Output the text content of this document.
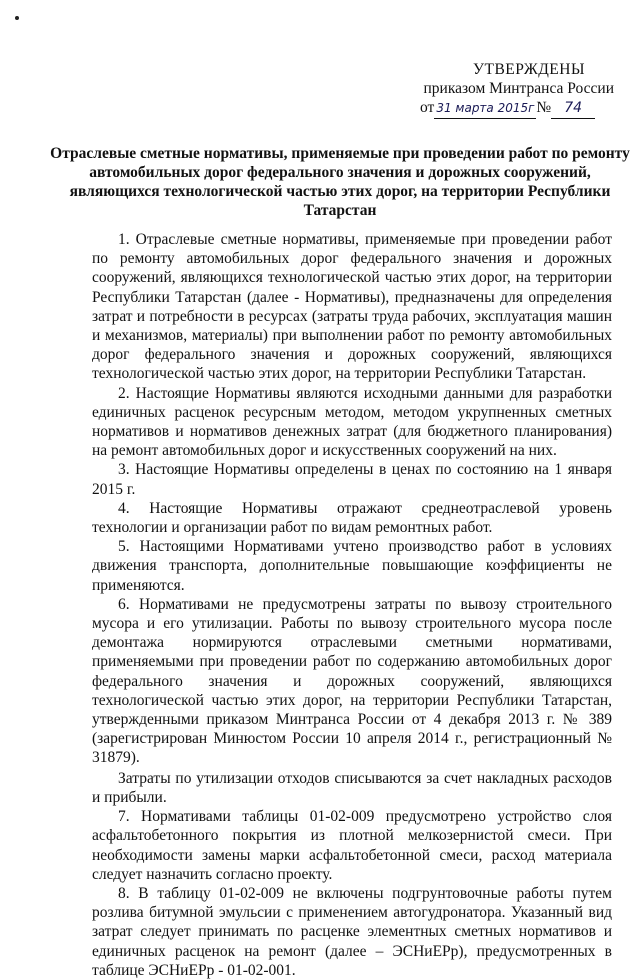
УТВЕРЖДЕНЫ
приказом Минтранса России
от 31 марта 2015г № 74
Отраслевые сметные нормативы, применяемые при проведении работ по ремонту автомобильных дорог федерального значения и дорожных сооружений, являющихся технологической частью этих дорог, на территории Республики Татарстан

1. Отраслевые сметные нормативы, применяемые при проведении работ по ремонту автомобильных дорог федерального значения и дорожных сооружений, являющихся технологической частью этих дорог, на территории Республики Татарстан (далее - Нормативы), предназначены для определения затрат и потребности в ресурсах (затраты труда рабочих, эксплуатация машин и механизмов, материалы) при выполнении работ по ремонту автомобильных дорог федерального значения и дорожных сооружений, являющихся технологической частью этих дорог, на территории Республики Татарстан.

2. Настоящие Нормативы являются исходными данными для разработки единичных расценок ресурсным методом, методом укрупненных сметных нормативов и нормативов денежных затрат (для бюджетного планирования) на ремонт автомобильных дорог и искусственных сооружений на них.

3. Настоящие Нормативы определены в ценах по состоянию на 1 января 2015 г.

4. Настоящие Нормативы отражают среднеотраслевой уровень технологии и организации работ по видам ремонтных работ.

5. Настоящими Нормативами учтено производство работ в условиях движения транспорта, дополнительные повышающие коэффициенты не применяются.

6. Нормативами не предусмотрены затраты по вывозу строительного мусора и его утилизации. Работы по вывозу строительного мусора после демонтажа нормируются отраслевыми сметными нормативами, применяемыми при проведении работ по содержанию автомобильных дорог федерального значения и дорожных сооружений, являющихся технологической частью этих дорог, на территории Республики Татарстан, утвержденными приказом Минтранса России от 4 декабря 2013 г. № 389 (зарегистрирован Минюстом России 10 апреля 2014 г., регистрационный № 31879).

Затраты по утилизации отходов списываются за счет накладных расходов и прибыли.

7. Нормативами таблицы 01-02-009 предусмотрено устройство слоя асфальтобетонного покрытия из плотной мелкозернистой смеси. При необходимости замены марки асфальтобетонной смеси, расход материала следует назначить согласно проекту.

8. В таблицу 01-02-009 не включены подгрунтовочные работы путем розлива битумной эмульсии с применением автогудронатора. Указанный вид затрат следует принимать по расценке элементных сметных нормативов и единичных расценок на ремонт (далее – ЭСНиЕРр), предусмотренных в таблице ЭСНиЕРр - 01-02-001.
